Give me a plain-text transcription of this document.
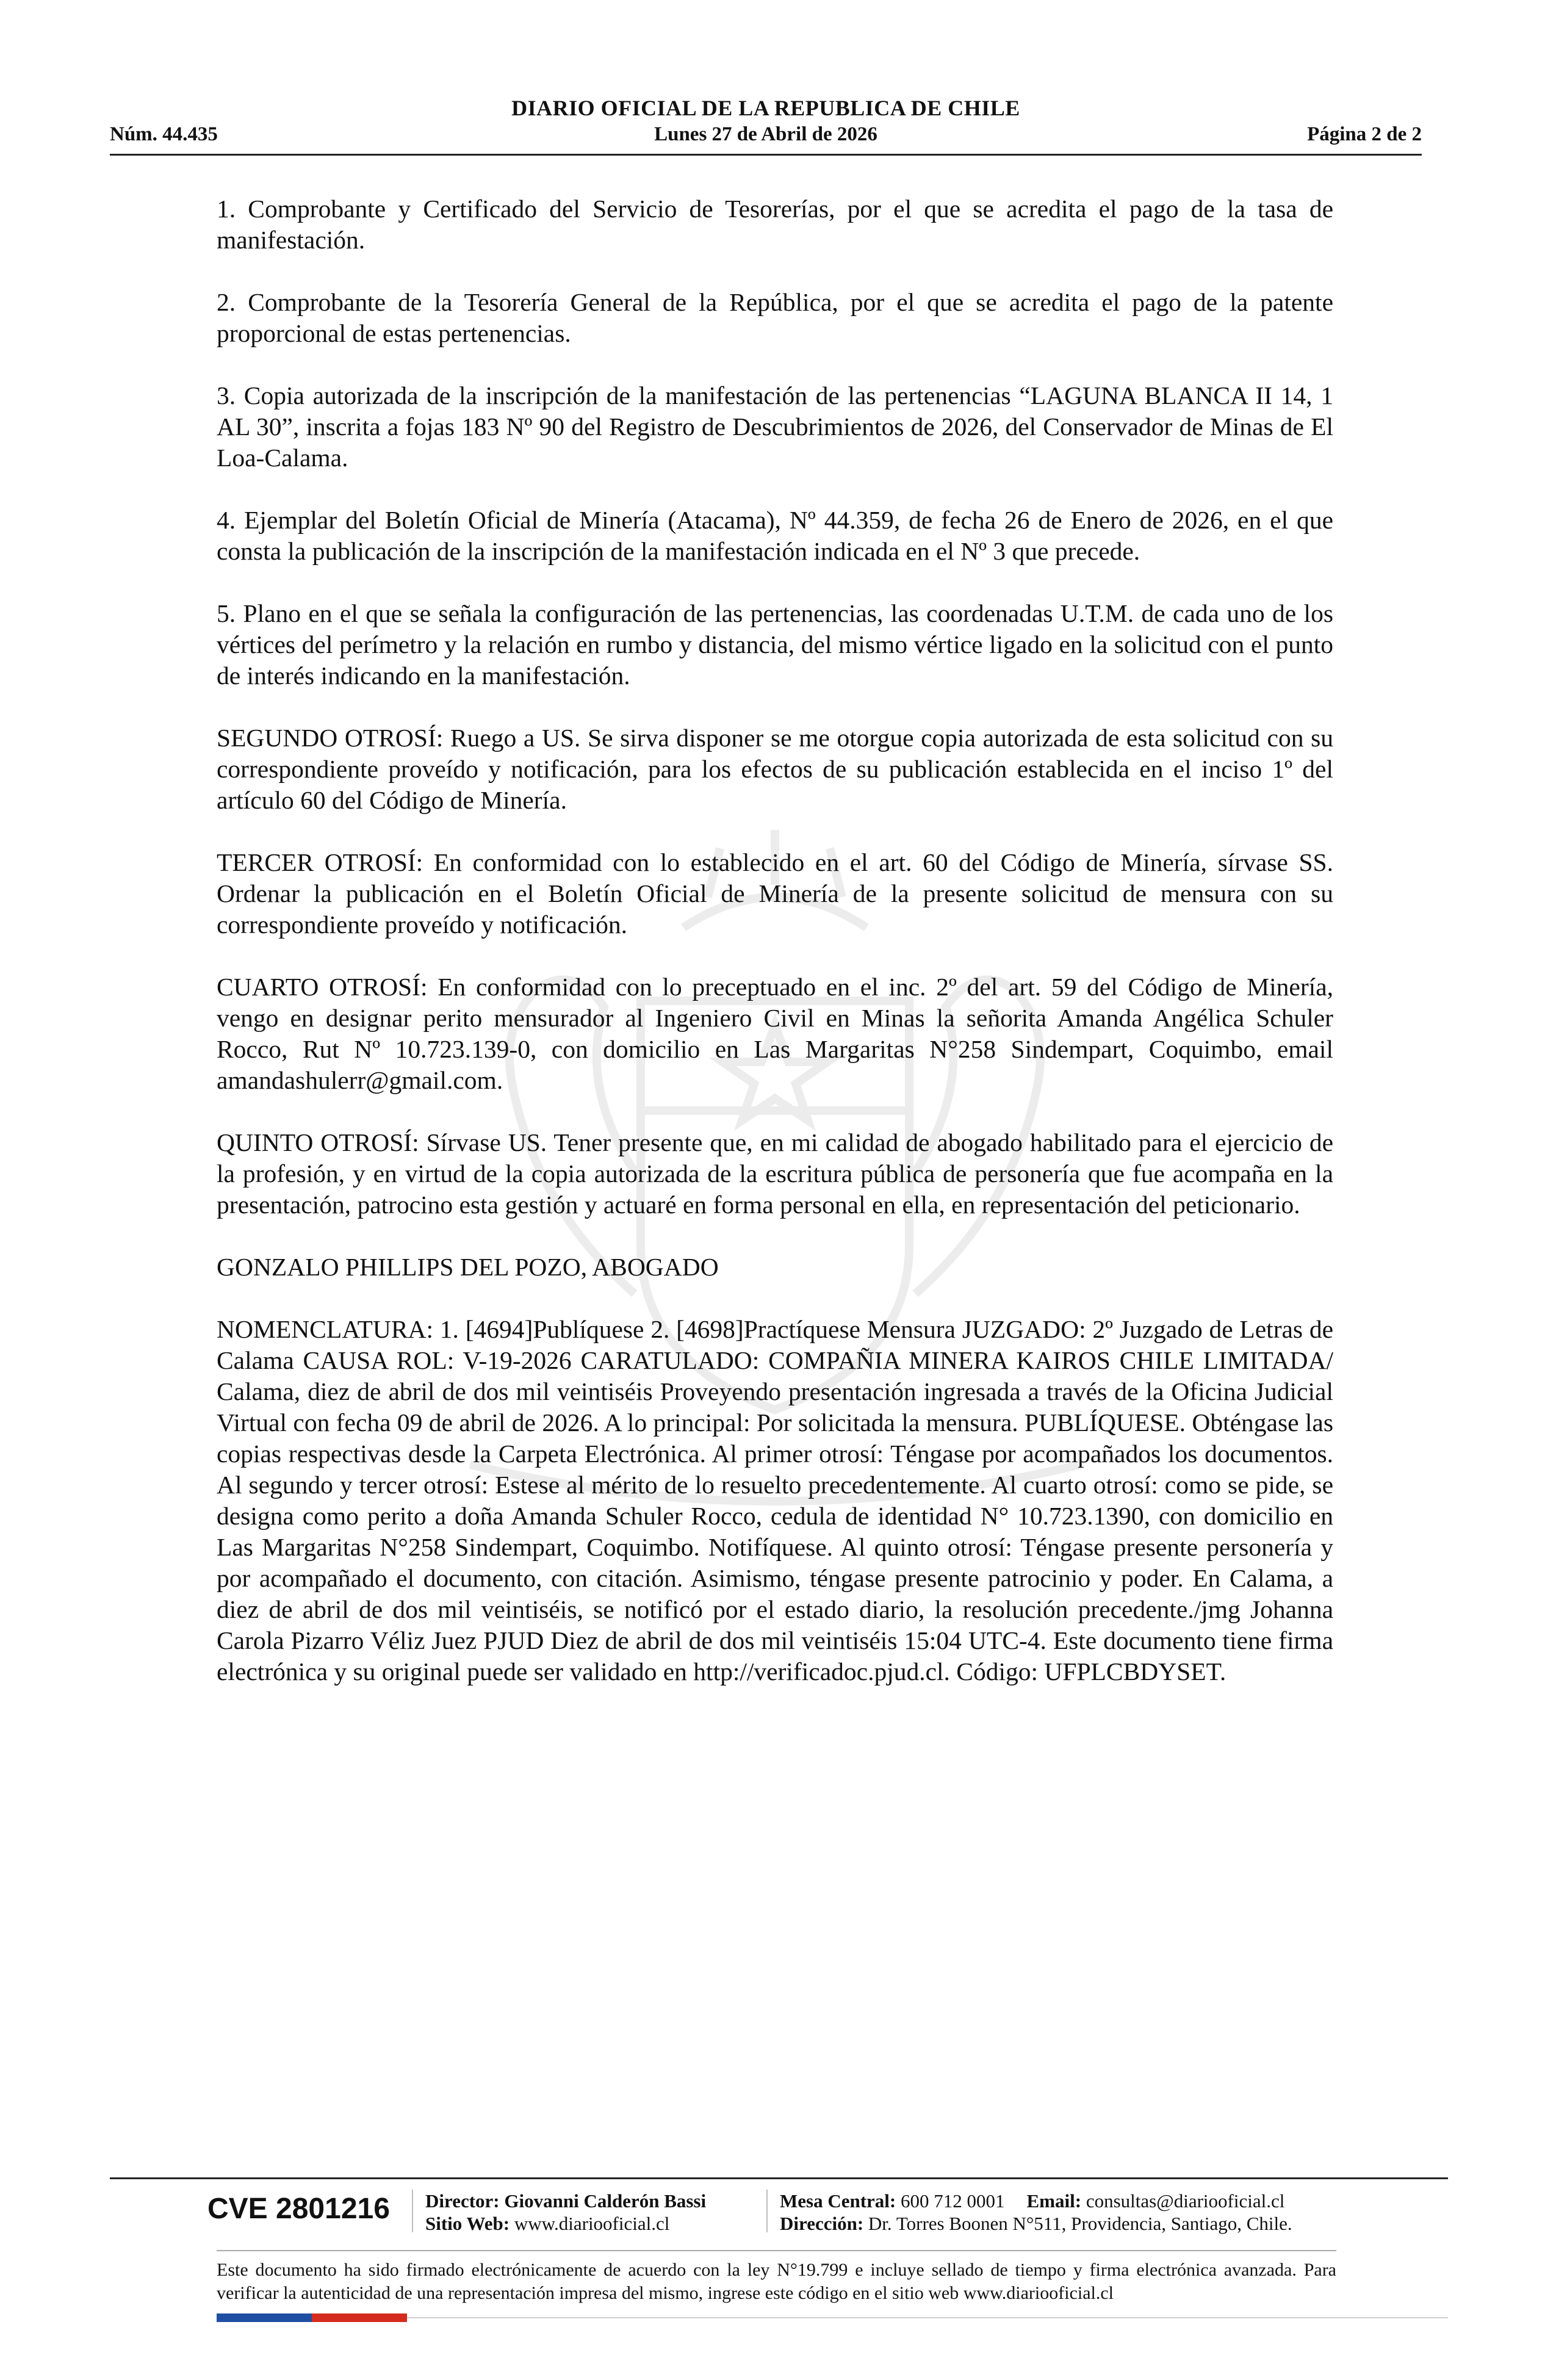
DIARIO OFICIAL DE LA REPUBLICA DE CHILE
Núm. 44.435	Lunes 27 de Abril de 2026	Página 2 de 2

1. Comprobante y Certificado del Servicio de Tesorerías, por el que se acredita el pago de la tasa de manifestación.

2. Comprobante de la Tesorería General de la República, por el que se acredita el pago de la patente proporcional de estas pertenencias.

3. Copia autorizada de la inscripción de la manifestación de las pertenencias “LAGUNA BLANCA II 14, 1 AL 30”, inscrita a fojas 183 Nº 90 del Registro de Descubrimientos de 2026, del Conservador de Minas de El Loa-Calama.

4. Ejemplar del Boletín Oficial de Minería (Atacama), Nº 44.359, de fecha 26 de Enero de 2026, en el que consta la publicación de la inscripción de la manifestación indicada en el Nº 3 que precede.

5. Plano en el que se señala la configuración de las pertenencias, las coordenadas U.T.M. de cada uno de los vértices del perímetro y la relación en rumbo y distancia, del mismo vértice ligado en la solicitud con el punto de interés indicando en la manifestación.

SEGUNDO OTROSÍ: Ruego a US. Se sirva disponer se me otorgue copia autorizada de esta solicitud con su correspondiente proveído y notificación, para los efectos de su publicación establecida en el inciso 1º del artículo 60 del Código de Minería.

TERCER OTROSÍ: En conformidad con lo establecido en el art. 60 del Código de Minería, sírvase SS. Ordenar la publicación en el Boletín Oficial de Minería de la presente solicitud de mensura con su correspondiente proveído y notificación.

CUARTO OTROSÍ: En conformidad con lo preceptuado en el inc. 2º del art. 59 del Código de Minería, vengo en designar perito mensurador al Ingeniero Civil en Minas la señorita Amanda Angélica Schuler Rocco, Rut Nº 10.723.139-0, con domicilio en Las Margaritas N°258 Sindempart, Coquimbo, email amandashulerr@gmail.com.

QUINTO OTROSÍ: Sírvase US. Tener presente que, en mi calidad de abogado habilitado para el ejercicio de la profesión, y en virtud de la copia autorizada de la escritura pública de personería que fue acompaña en la presentación, patrocino esta gestión y actuaré en forma personal en ella, en representación del peticionario.

GONZALO PHILLIPS DEL POZO, ABOGADO

NOMENCLATURA: 1. [4694]Publíquese 2. [4698]Practíquese Mensura JUZGADO: 2º Juzgado de Letras de Calama CAUSA ROL: V-19-2026 CARATULADO: COMPAÑIA MINERA KAIROS CHILE LIMITADA/ Calama, diez de abril de dos mil veintiséis Proveyendo presentación ingresada a través de la Oficina Judicial Virtual con fecha 09 de abril de 2026. A lo principal: Por solicitada la mensura. PUBLÍQUESE. Obténgase las copias respectivas desde la Carpeta Electrónica. Al primer otrosí: Téngase por acompañados los documentos. Al segundo y tercer otrosí: Estese al mérito de lo resuelto precedentemente. Al cuarto otrosí: como se pide, se designa como perito a doña Amanda Schuler Rocco, cedula de identidad N° 10.723.1390, con domicilio en Las Margaritas N°258 Sindempart, Coquimbo. Notifíquese. Al quinto otrosí: Téngase presente personería y por acompañado el documento, con citación. Asimismo, téngase presente patrocinio y poder. En Calama, a diez de abril de dos mil veintiséis, se notificó por el estado diario, la resolución precedente./jmg Johanna Carola Pizarro Véliz Juez PJUD Diez de abril de dos mil veintiséis 15:04 UTC-4. Este documento tiene firma electrónica y su original puede ser validado en http://verificadoc.pjud.cl. Código: UFPLCBDYSET.

CVE 2801216 Director: Giovanni Calderón Bassi
Sitio Web: www.diariooficial.cl
Mesa Central: 600 712 0001 Email: consultas@diariooficial.cl
Dirección: Dr. Torres Boonen N°511, Providencia, Santiago, Chile.
Este documento ha sido firmado electrónicamente de acuerdo con la ley N°19.799 e incluye sellado de tiempo y firma electrónica avanzada. Para verificar la autenticidad de una representación impresa del mismo, ingrese este código en el sitio web www.diariooficial.cl
